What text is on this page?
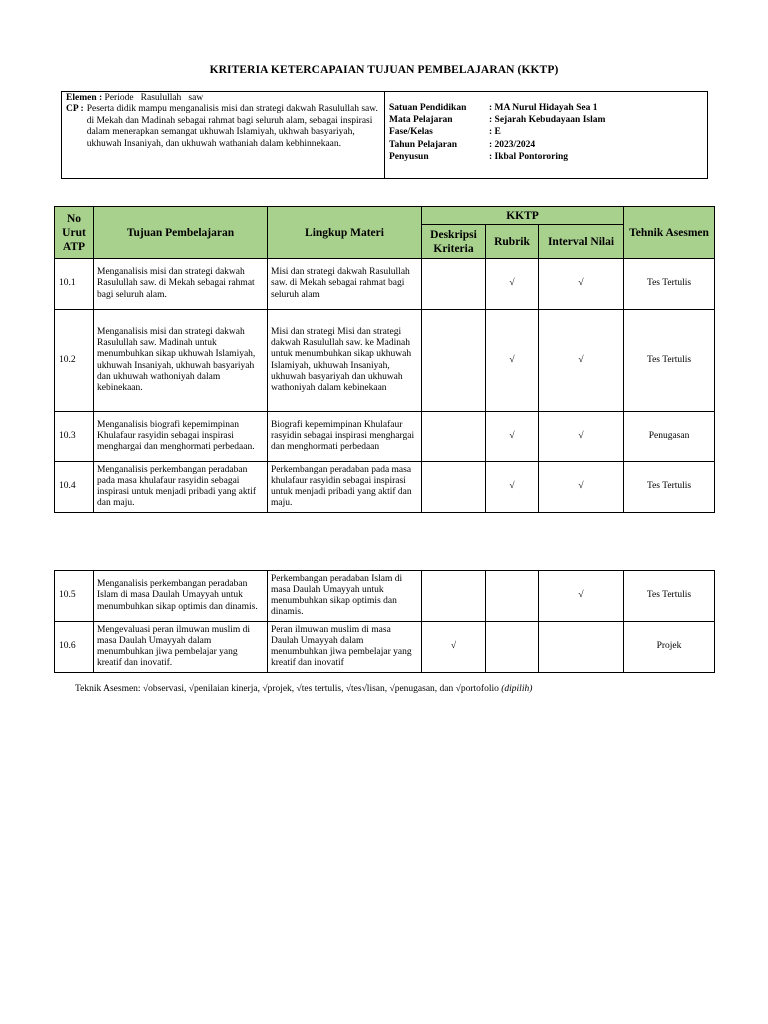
KRITERIA KETERCAPAIAN TUJUAN PEMBELAJARAN (KKTP)
Elemen : Periode   Rasulullah   saw
CP : Peserta didik mampu menganalisis misi dan strategi dakwah Rasulullah saw. di Mekah dan Madinah sebagai rahmat bagi seluruh alam, sebagai inspirasi dalam menerapkan semangat ukhuwah Islamiyah, ukhwah basyariyah, ukhuwah Insaniyah, dan ukhuwah wathaniah dalam kebhinnekaan.
Satuan Pendidikan	: MA Nurul Hidayah Sea 1
Mata Pelajaran	: Sejarah Kebudayaan Islam
Fase/Kelas	: E
Tahun Pelajaran	: 2023/2024
Penyusun	: Ikbal Pontororing
No Urut ATP	Tujuan Pembelajaran	Lingkup Materi	KKTP			Tehnik Asesmen
			Deskripsi Kriteria	Rubrik	Interval Nilai	
10.1	Menganalisis misi dan strategi dakwah Rasulullah saw. di Mekah sebagai rahmat bagi seluruh alam.	Misi dan strategi dakwah Rasulullah saw. di Mekah sebagai rahmat bagi seluruh alam		√	√	Tes Tertulis
10.2	Menganalisis misi dan strategi dakwah Rasulullah saw. Madinah untuk menumbuhkan sikap ukhuwah Islamiyah, ukhuwah Insaniyah, ukhuwah basyariyah dan ukhuwah wathoniyah dalam kebinekaan.	Misi dan strategi Misi dan strategi dakwah Rasulullah saw. ke Madinah untuk menumbuhkan sikap ukhuwah Islamiyah, ukhuwah Insaniyah, ukhuwah basyariyah dan ukhuwah wathoniyah dalam kebinekaan		√	√	Tes Tertulis
10.3	Menganalisis biografi kepemimpinan Khulafaur rasyidin sebagai inspirasi menghargai dan menghormati perbedaan.	Biografi kepemimpinan Khulafaur rasyidin sebagai inspirasi menghargai dan menghormati perbedaan		√	√	Penugasan
10.4	Menganalisis perkembangan peradaban pada masa khulafaur rasyidin sebagai inspirasi untuk menjadi pribadi yang aktif dan maju.	Perkembangan peradaban pada masa khulafaur rasyidin sebagai inspirasi untuk menjadi pribadi yang aktif dan maju.		√	√	Tes Tertulis
10.5	Menganalisis perkembangan peradaban Islam di masa Daulah Umayyah untuk menumbuhkan sikap optimis dan dinamis.	Perkembangan peradaban Islam di masa Daulah Umayyah untuk menumbuhkan sikap optimis dan dinamis.			√	Tes Tertulis
10.6	Mengevaluasi peran ilmuwan muslim di masa Daulah Umayyah dalam menumbuhkan jiwa pembelajar yang kreatif dan inovatif.	Peran ilmuwan muslim di masa Daulah Umayyah dalam menumbuhkan jiwa pembelajar yang kreatif dan inovatif	√			Projek
Teknik Asesmen: √observasi, √penilaian kinerja, √projek, √tes tertulis, √tes√lisan, √penugasan, dan √portofolio (dipilih)
